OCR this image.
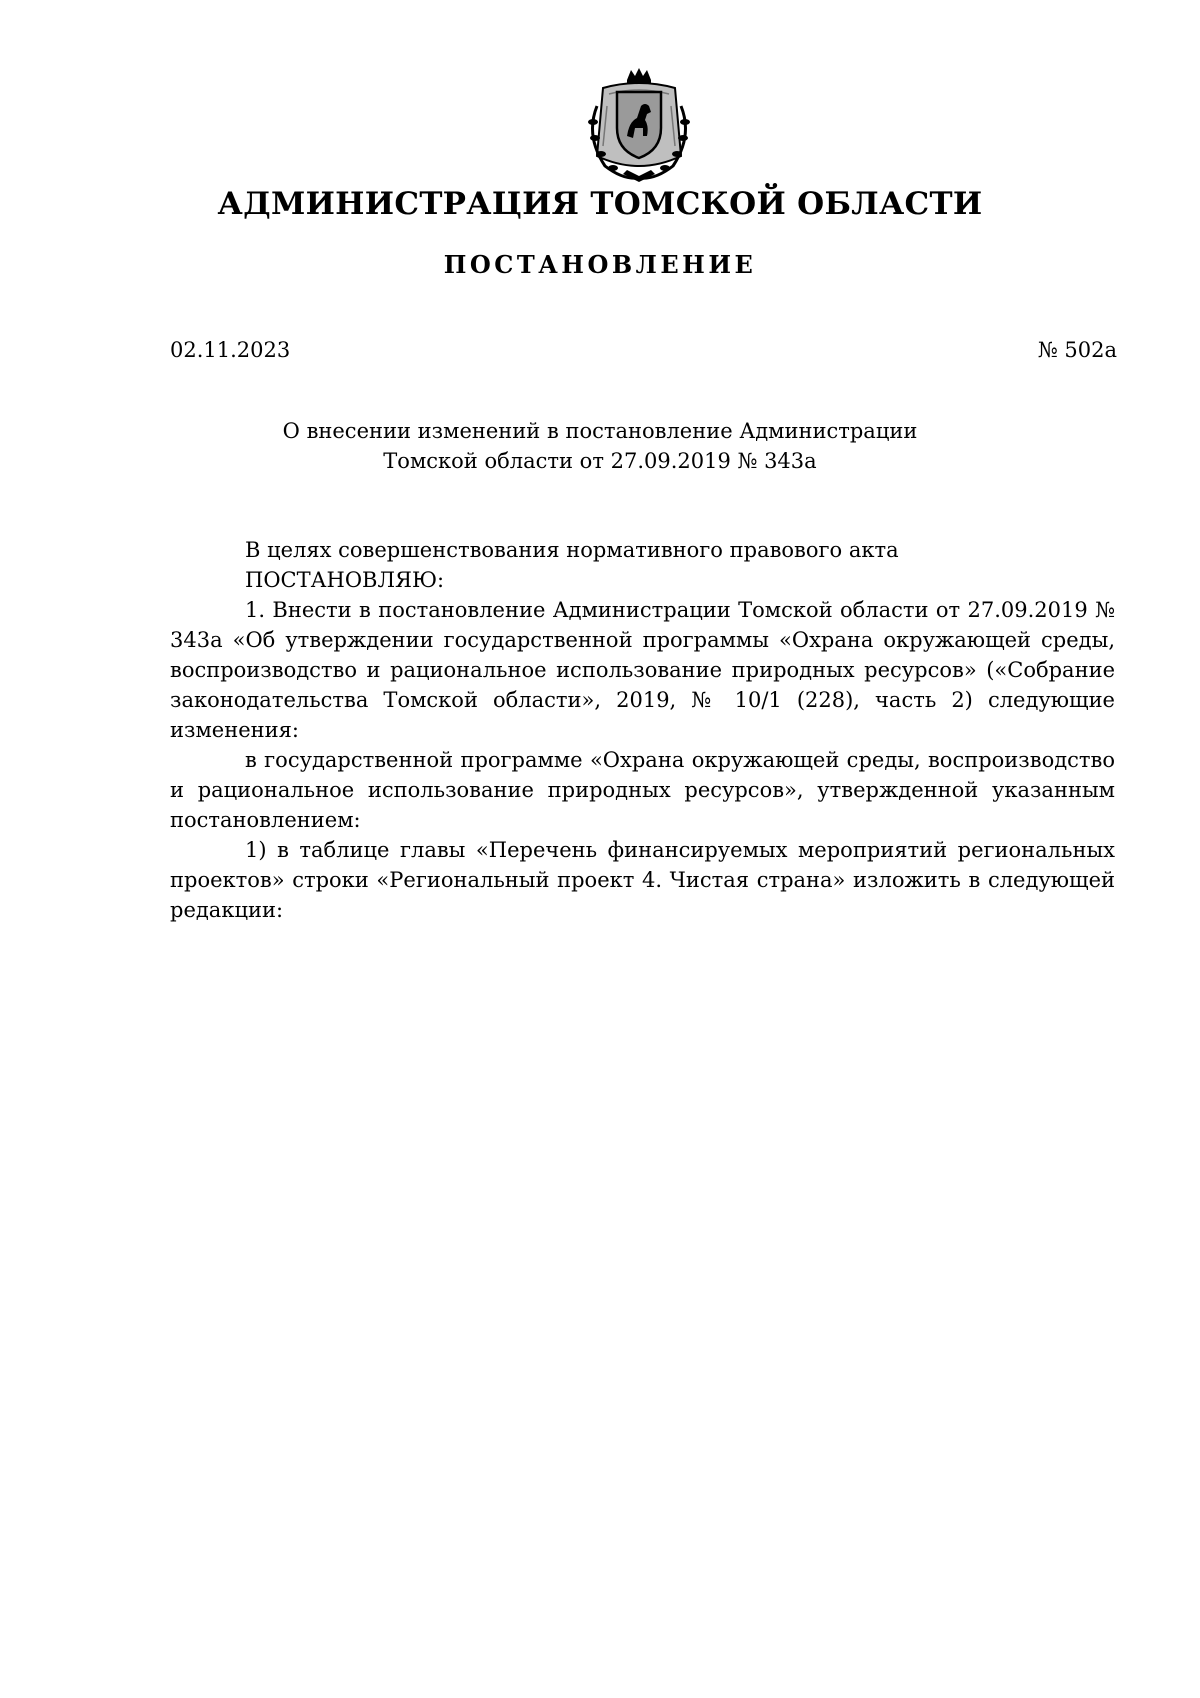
АДМИНИСТРАЦИЯ ТОМСКОЙ ОБЛАСТИ
ПОСТАНОВЛЕНИЕ
02.11.2023	№ 502а
О внесении изменений в постановление Администрации
Томской области от 27.09.2019 № 343а

В целях совершенствования нормативного правового акта

ПОСТАНОВЛЯЮ:

1. Внести в постановление Администрации Томской области от 27.09.2019 № 343а «Об утверждении государственной программы «Охрана окружающей среды, воспроизводство и рациональное использование природных ресурсов» («Собрание законодательства Томской области», 2019, № 10/1 (228), часть 2) следующие изменения:

в государственной программе «Охрана окружающей среды, воспроизводство и рациональное использование природных ресурсов», утвержденной указанным постановлением:

1) в таблице главы «Перечень финансируемых мероприятий региональных проектов» строки «Региональный проект 4. Чистая страна» изложить в следующей редакции:
